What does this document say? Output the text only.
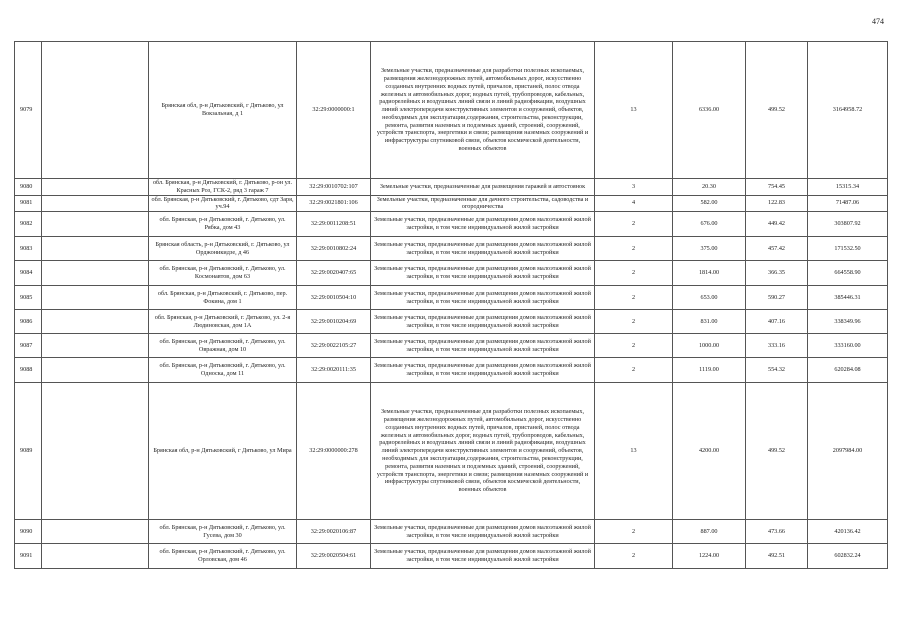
474
9079		Брянская обл, р-н Дятьковский, г Дятьково, ул Вокзальная, д 1	32:29:0000000:1	Земельные участки, предназначенные для разработки полезных ископаемых, размещения железнодорожных путей, автомобильных дорог, искусственно созданных внутренних водных путей, причалов, пристаней, полос отвода железных и автомобильных дорог, водных путей, трубопроводов, кабельных, радиорелейных и воздушных линий связи и линий радиофикации, воздушных линий электропередачи конструктивных элементов и сооружений, объектов, необходимых для эксплуатации,содержания, строительства, реконструкции, ремонта, развития наземных и подземных зданий, строений, сооружений, устройств транспорта, энергетики и связи; размещения наземных сооружений и инфраструктуры спутниковой связи, объектов космической деятельности, военных объектов	13	6336.00	499.52	3164958.72
9080		обл. Брянская, р-н Дятьковский, г. Дятьково, р-он ул. Красных Роз, ГСК-2, ряд 3 гараж 7	32:29:0010702:107	Земельные участки, предназначенные для размещения гаражей и автостоянок	3	20.30	754.45	15315.34
9081		обл. Брянская, р-н Дятьковский, г. Дятьково, сдт Заря, уч.94	32:29:0021801:106	Земельные участки, предназначенные для дачного строительства, садоводства и огородничества	4	582.00	122.83	71487.06
9082		обл. Брянская, р-н Дятьковский, г. Дятьково, ул. Рябка, дом 43	32:29:0011208:51	Земельные участки, предназначенные для размещения домов малоэтажной жилой застройки, в том числе индивидуальной жилой застройки	2	676.00	449.42	303807.92
9083		Брянская область, р-н Дятьковский, г. Дятьково, ул Орджоникидзе, д 46	32:29:0010802:24	Земельные участки, предназначенные для размещения домов малоэтажной жилой застройки, в том числе индивидуальной жилой застройки	2	375.00	457.42	171532.50
9084		обл. Брянская, р-н Дятьковский, г. Дятьково, ул. Космонавтов, дом 63	32:29:0020407:65	Земельные участки, предназначенные для размещения домов малоэтажной жилой застройки, в том числе индивидуальной жилой застройки	2	1814.00	366.35	664558.90
9085		обл. Брянская, р-н Дятьковский, г. Дятьково, пер. Фокина, дом 1	32:29:0010504:10	Земельные участки, предназначенные для размещения домов малоэтажной жилой застройки, в том числе индивидуальной жилой застройки	2	653.00	590.27	385446.31
9086		обл. Брянская, р-н Дятьковский, г. Дятьково, ул. 2-я Людиновская, дом 1А	32:29:0010204:69	Земельные участки, предназначенные для размещения домов малоэтажной жилой застройки, в том числе индивидуальной жилой застройки	2	831.00	407.16	338349.96
9087		обл. Брянская, р-н Дятьковский, г. Дятьково, ул. Овражная, дом 10	32:29:0022105:27	Земельные участки, предназначенные для размещения домов малоэтажной жилой застройки, в том числе индивидуальной жилой застройки	2	1000.00	333.16	333160.00
9088		обл. Брянская, р-н Дятьковский, г. Дятьково, ул. Односка, дом 11	32:29:0020111:35	Земельные участки, предназначенные для размещения домов малоэтажной жилой застройки, в том числе индивидуальной жилой застройки	2	1119.00	554.32	620284.08
9089		Брянская обл, р-н Дятьковский, г Дятьково, ул Мира	32:29:0000000:278	Земельные участки, предназначенные для разработки полезных ископаемых, размещения железнодорожных путей, автомобильных дорог, искусственно созданных внутренних водных путей, причалов, пристаней, полос отвода железных и автомобильных дорог, водных путей, трубопроводов, кабельных, радиорелейных и воздушных линий связи и линий радиофикации, воздушных линий электропередачи конструктивных элементов и сооружений, объектов, необходимых для эксплуатации,содержания, строительства, реконструкции, ремонта, развития наземных и подземных зданий, строений, сооружений, устройств транспорта, энергетики и связи; размещения наземных сооружений и инфраструктуры спутниковой связи, объектов космической деятельности, военных объектов	13	4200.00	499.52	2097984.00
9090		обл. Брянская, р-н Дятьковский, г. Дятьково, ул. Гусева, дом 30	32:29:0020106:87	Земельные участки, предназначенные для размещения домов малоэтажной жилой застройки, в том числе индивидуальной жилой застройки	2	887.00	473.66	420136.42
9091		обл. Брянская, р-н Дятьковский, г. Дятьково, ул. Орловская, дом 46	32:29:0020504:61	Земельные участки, предназначенные для размещения домов малоэтажной жилой застройки, в том числе индивидуальной жилой застройки	2	1224.00	492.51	602832.24
